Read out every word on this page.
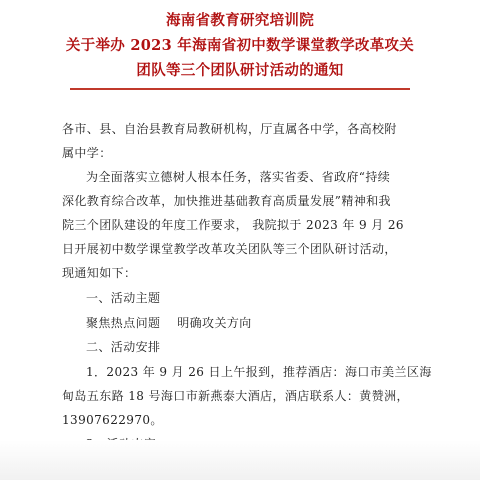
海南省教育研究培训院
关于举办 2023 年海南省初中数学课堂教学改革攻关
团队等三个团队研讨活动的通知
各市、县、自治县教育局教研机构，厅直属各中学，各高校附
属中学：
为全面落实立德树人根本任务，落实省委、省政府“持续
深化教育综合改革，加快推进基础教育高质量发展”精神和我
院三个团队建设的年度工作要求， 我院拟于 2023 年 9 月 26
日开展初中数学课堂教学改革攻关团队等三个团队研讨活动，
现通知如下：
一、活动主题
聚焦热点问题    明确攻关方向
二、活动安排
1．2023 年 9 月 26 日上午报到，推荐酒店：海口市美兰区海
甸岛五东路 18 号海口市新燕泰大酒店，酒店联系人：黄赞洲，
13907622970。
